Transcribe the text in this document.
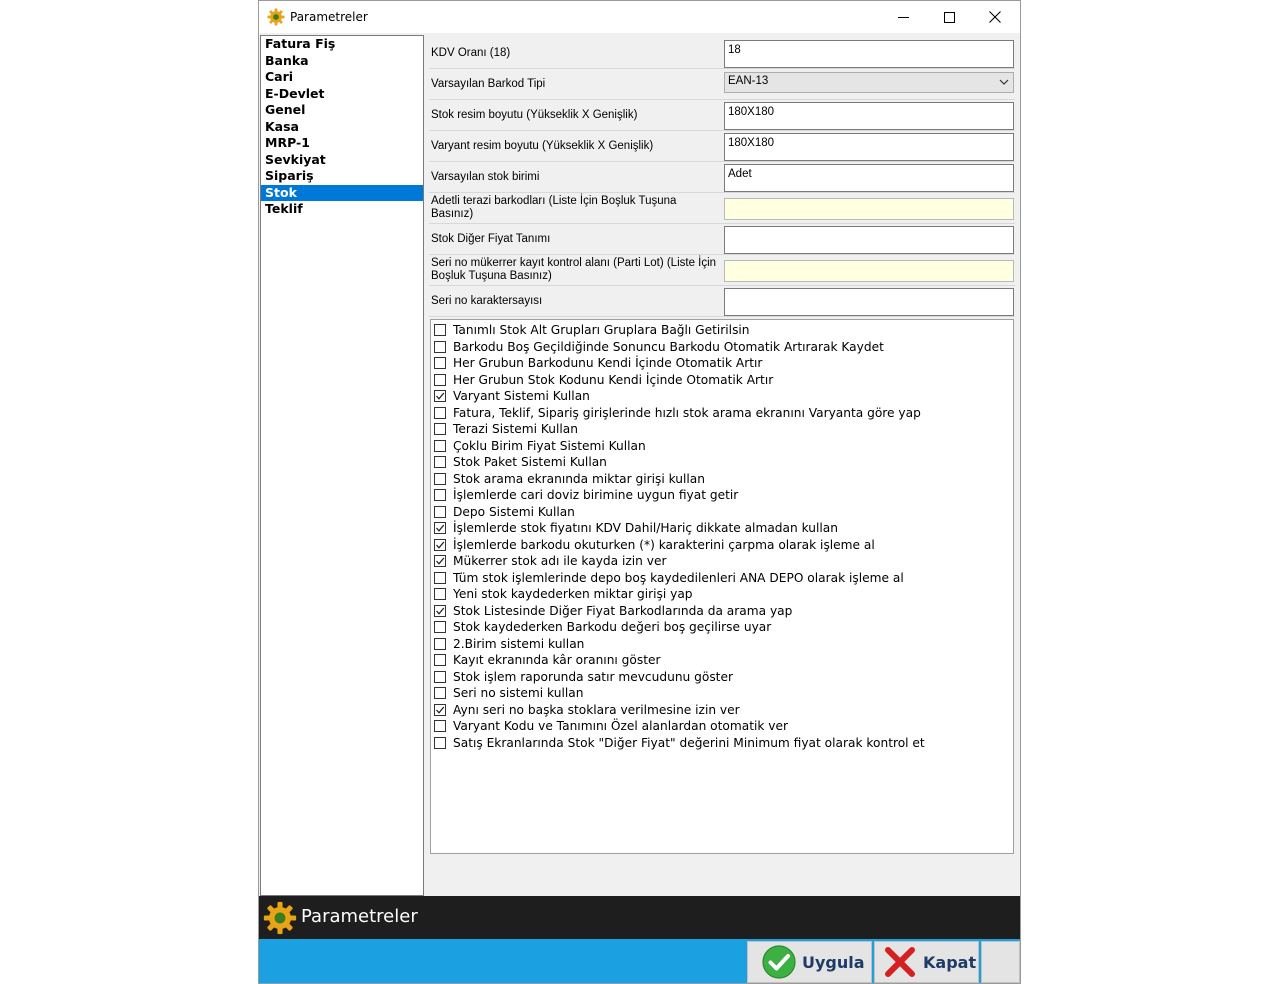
Parametreler
Fatura Fiş
Banka
Cari
E-Devlet
Genel
Kasa
MRP-1
Sevkiyat
Sipariş
Stok
Teklif
KDV Oranı (18)	18
Varsayılan Barkod Tipi	EAN-13
Stok resim boyutu (Yükseklik X Genişlik)	180X180
Varyant resim boyutu (Yükseklik X Genişlik)	180X180
Varsayılan stok birimi	Adet
Adetli terazi barkodları (Liste İçin Boşluk Tuşuna Basınız)
Stok Diğer Fiyat Tanımı
Seri no mükerrer kayıt kontrol alanı (Parti Lot) (Liste İçin Boşluk Tuşuna Basınız)
Seri no karaktersayısı
Tanımlı Stok Alt Grupları Gruplara Bağlı Getirilsin
Barkodu Boş Geçildiğinde Sonuncu Barkodu Otomatik Artırarak Kaydet
Her Grubun Barkodunu Kendi İçinde Otomatik Artır
Her Grubun Stok Kodunu Kendi İçinde Otomatik Artır
Varyant Sistemi Kullan
Fatura, Teklif, Sipariş girişlerinde hızlı stok arama ekranını Varyanta göre yap
Terazi Sistemi Kullan
Çoklu Birim Fiyat Sistemi Kullan
Stok Paket Sistemi Kullan
Stok arama ekranında miktar girişi kullan
İşlemlerde cari doviz birimine uygun fiyat getir
Depo Sistemi Kullan
İşlemlerde stok fiyatını KDV Dahil/Hariç dikkate almadan kullan
İşlemlerde barkodu okuturken (*) karakterini çarpma olarak işleme al
Mükerrer stok adı ile kayda izin ver
Tüm stok işlemlerinde depo boş kaydedilenleri ANA DEPO olarak işleme al
Yeni stok kaydederken miktar girişi yap
Stok Listesinde Diğer Fiyat Barkodlarında da arama yap
Stok kaydederken Barkodu değeri boş geçilirse uyar
2.Birim sistemi kullan
Kayıt ekranında kâr oranını göster
Stok işlem raporunda satır mevcudunu göster
Seri no sistemi kullan
Aynı seri no başka stoklara verilmesine izin ver
Varyant Kodu ve Tanımını Özel alanlardan otomatik ver
Satış Ekranlarında Stok "Diğer Fiyat" değerini Minimum fiyat olarak kontrol et
Parametreler
Uygula	Kapat
